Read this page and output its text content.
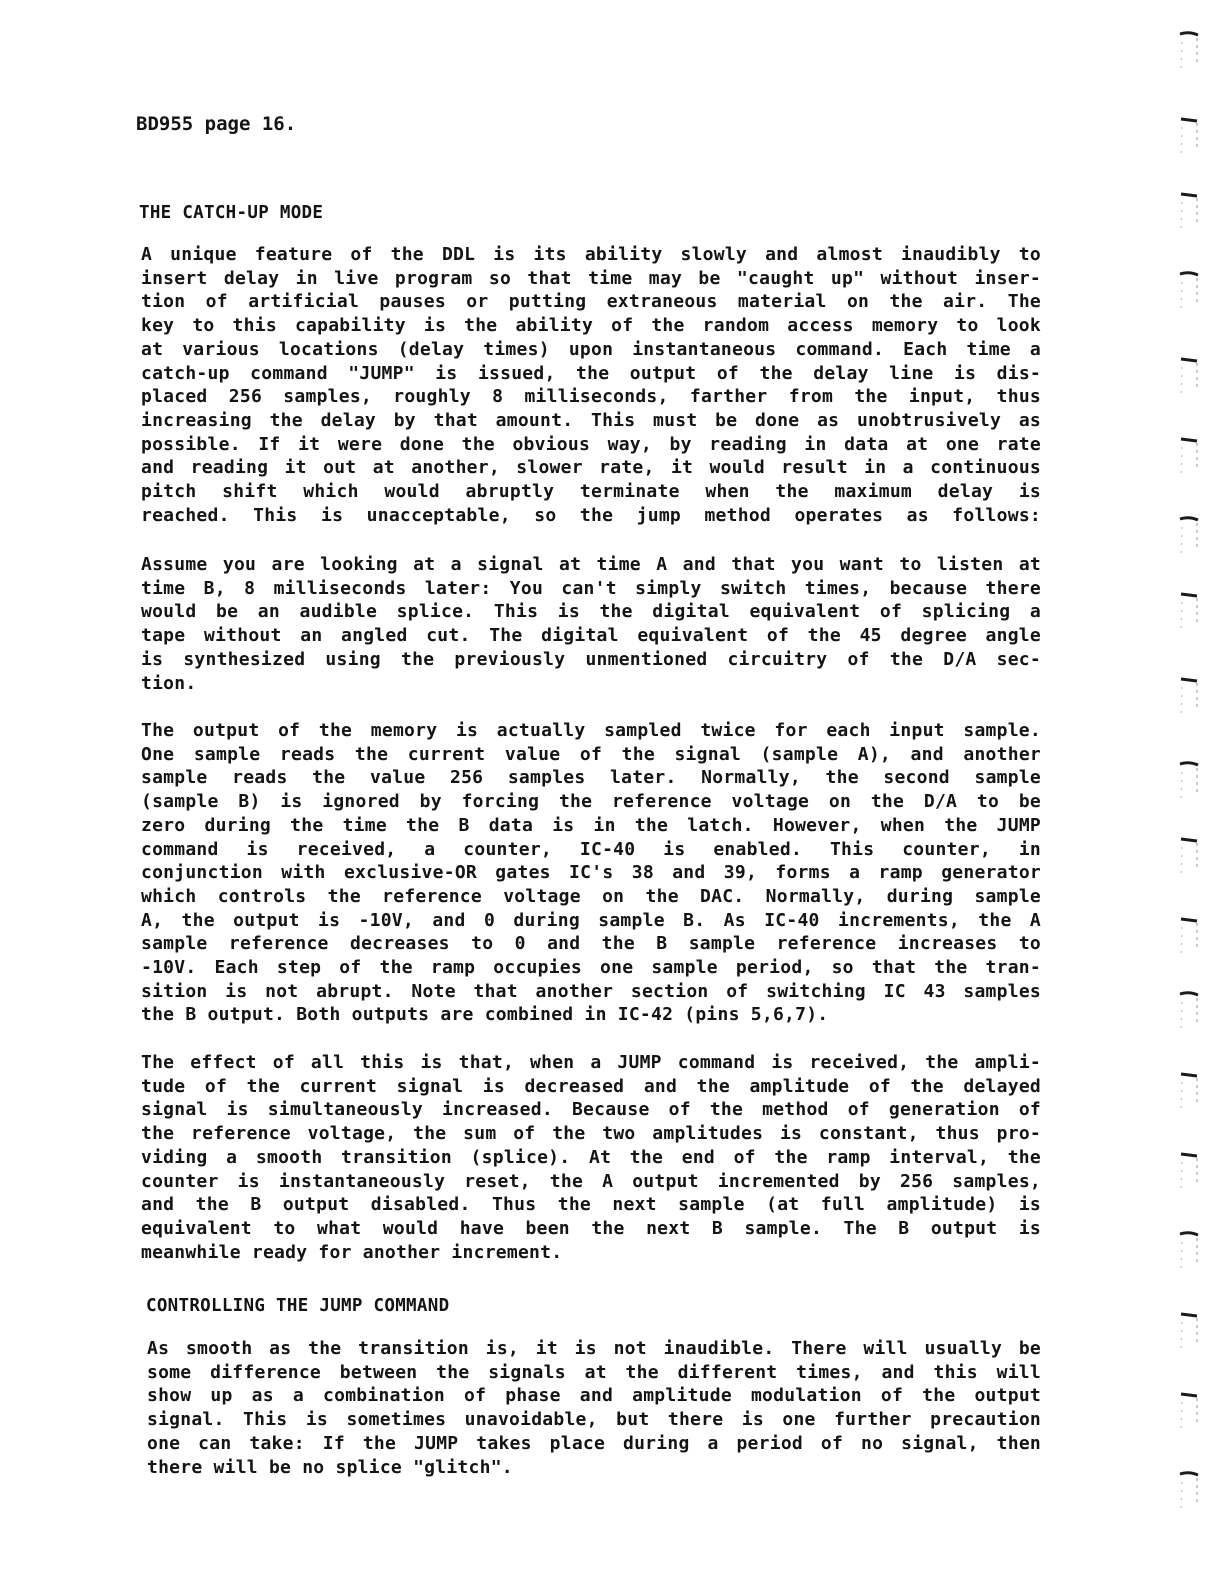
BD955 page 16.
THE CATCH-UP MODE

A unique feature of the DDL is its ability slowly and almost inaudibly to
insert delay in live program so that time may be "caught up" without inser-
tion of artificial pauses or putting extraneous material on the air. The
key to this capability is the ability of the random access memory to look
at various locations (delay times) upon instantaneous command. Each time a
catch-up command "JUMP" is issued, the output of the delay line is dis-
placed 256 samples, roughly 8 milliseconds, farther from the input, thus
increasing the delay by that amount. This must be done as unobtrusively as
possible. If it were done the obvious way, by reading in data at one rate
and reading it out at another, slower rate, it would result in a continuous
pitch shift which would abruptly terminate when the maximum delay is
reached. This is unacceptable, so the jump method operates as follows:

Assume you are looking at a signal at time A and that you want to listen at
time B, 8 milliseconds later: You can't simply switch times, because there
would be an audible splice. This is the digital equivalent of splicing a
tape without an angled cut. The digital equivalent of the 45 degree angle
is synthesized using the previously unmentioned circuitry of the D/A sec-
tion.

The output of the memory is actually sampled twice for each input sample.
One sample reads the current value of the signal (sample A), and another
sample reads the value 256 samples later. Normally, the second sample
(sample B) is ignored by forcing the reference voltage on the D/A to be
zero during the time the B data is in the latch. However, when the JUMP
command is received, a counter, IC-40 is enabled. This counter, in
conjunction with exclusive-OR gates IC's 38 and 39, forms a ramp generator
which controls the reference voltage on the DAC. Normally, during sample
A, the output is -10V, and 0 during sample B. As IC-40 increments, the A
sample reference decreases to 0 and the B sample reference increases to
-10V. Each step of the ramp occupies one sample period, so that the tran-
sition is not abrupt. Note that another section of switching IC 43 samples
the B output. Both outputs are combined in IC-42 (pins 5,6,7).

The effect of all this is that, when a JUMP command is received, the ampli-
tude of the current signal is decreased and the amplitude of the delayed
signal is simultaneously increased. Because of the method of generation of
the reference voltage, the sum of the two amplitudes is constant, thus pro-
viding a smooth transition (splice). At the end of the ramp interval, the
counter is instantaneously reset, the A output incremented by 256 samples,
and the B output disabled. Thus the next sample (at full amplitude) is
equivalent to what would have been the next B sample. The B output is
meanwhile ready for another increment.

CONTROLLING THE JUMP COMMAND

As smooth as the transition is, it is not inaudible. There will usually be
some difference between the signals at the different times, and this will
show up as a combination of phase and amplitude modulation of the output
signal. This is sometimes unavoidable, but there is one further precaution
one can take: If the JUMP takes place during a period of no signal, then
there will be no splice "glitch".
